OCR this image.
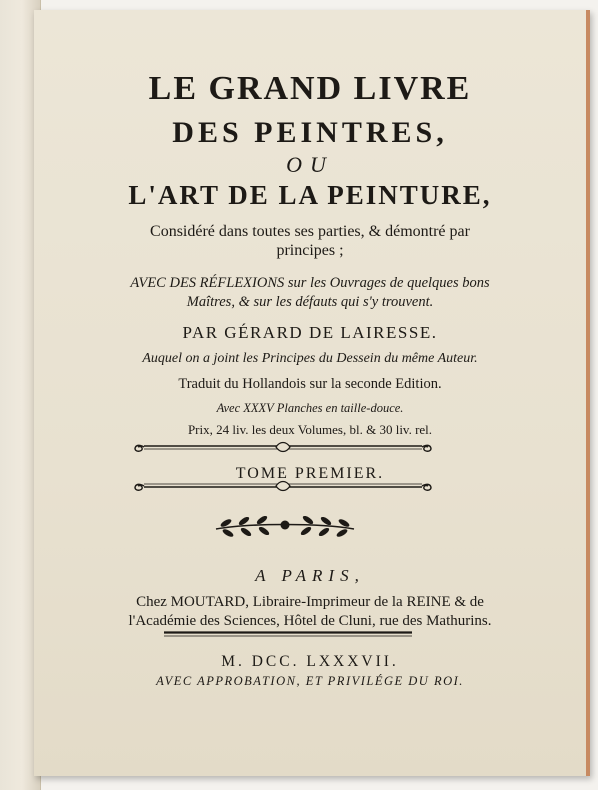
LE GRAND LIVRE
DES PEINTRES,
OU
L'ART DE LA PEINTURE,
Considéré dans toutes ses parties, & démontré par
principes ;
AVEC DES RÉFLEXIONS sur les Ouvrages de quelques bons
Maîtres, & sur les défauts qui s'y trouvent.
PAR GÉRARD DE LAIRESSE.
Auquel on a joint les Principes du Dessein du même Auteur.
Traduit du Hollandois sur la seconde Edition.
Avec XXXV Planches en taille-douce.
Prix, 24 liv. les deux Volumes, bl. & 30 liv. rel.
TOME PREMIER.
A PARIS,
Chez MOUTARD, Libraire-Imprimeur de la REINE & de
l'Académie des Sciences, Hôtel de Cluni, rue des Mathurins.
M. DCC. LXXXVII.
AVEC APPROBATION, ET PRIVILÉGE DU ROI.
